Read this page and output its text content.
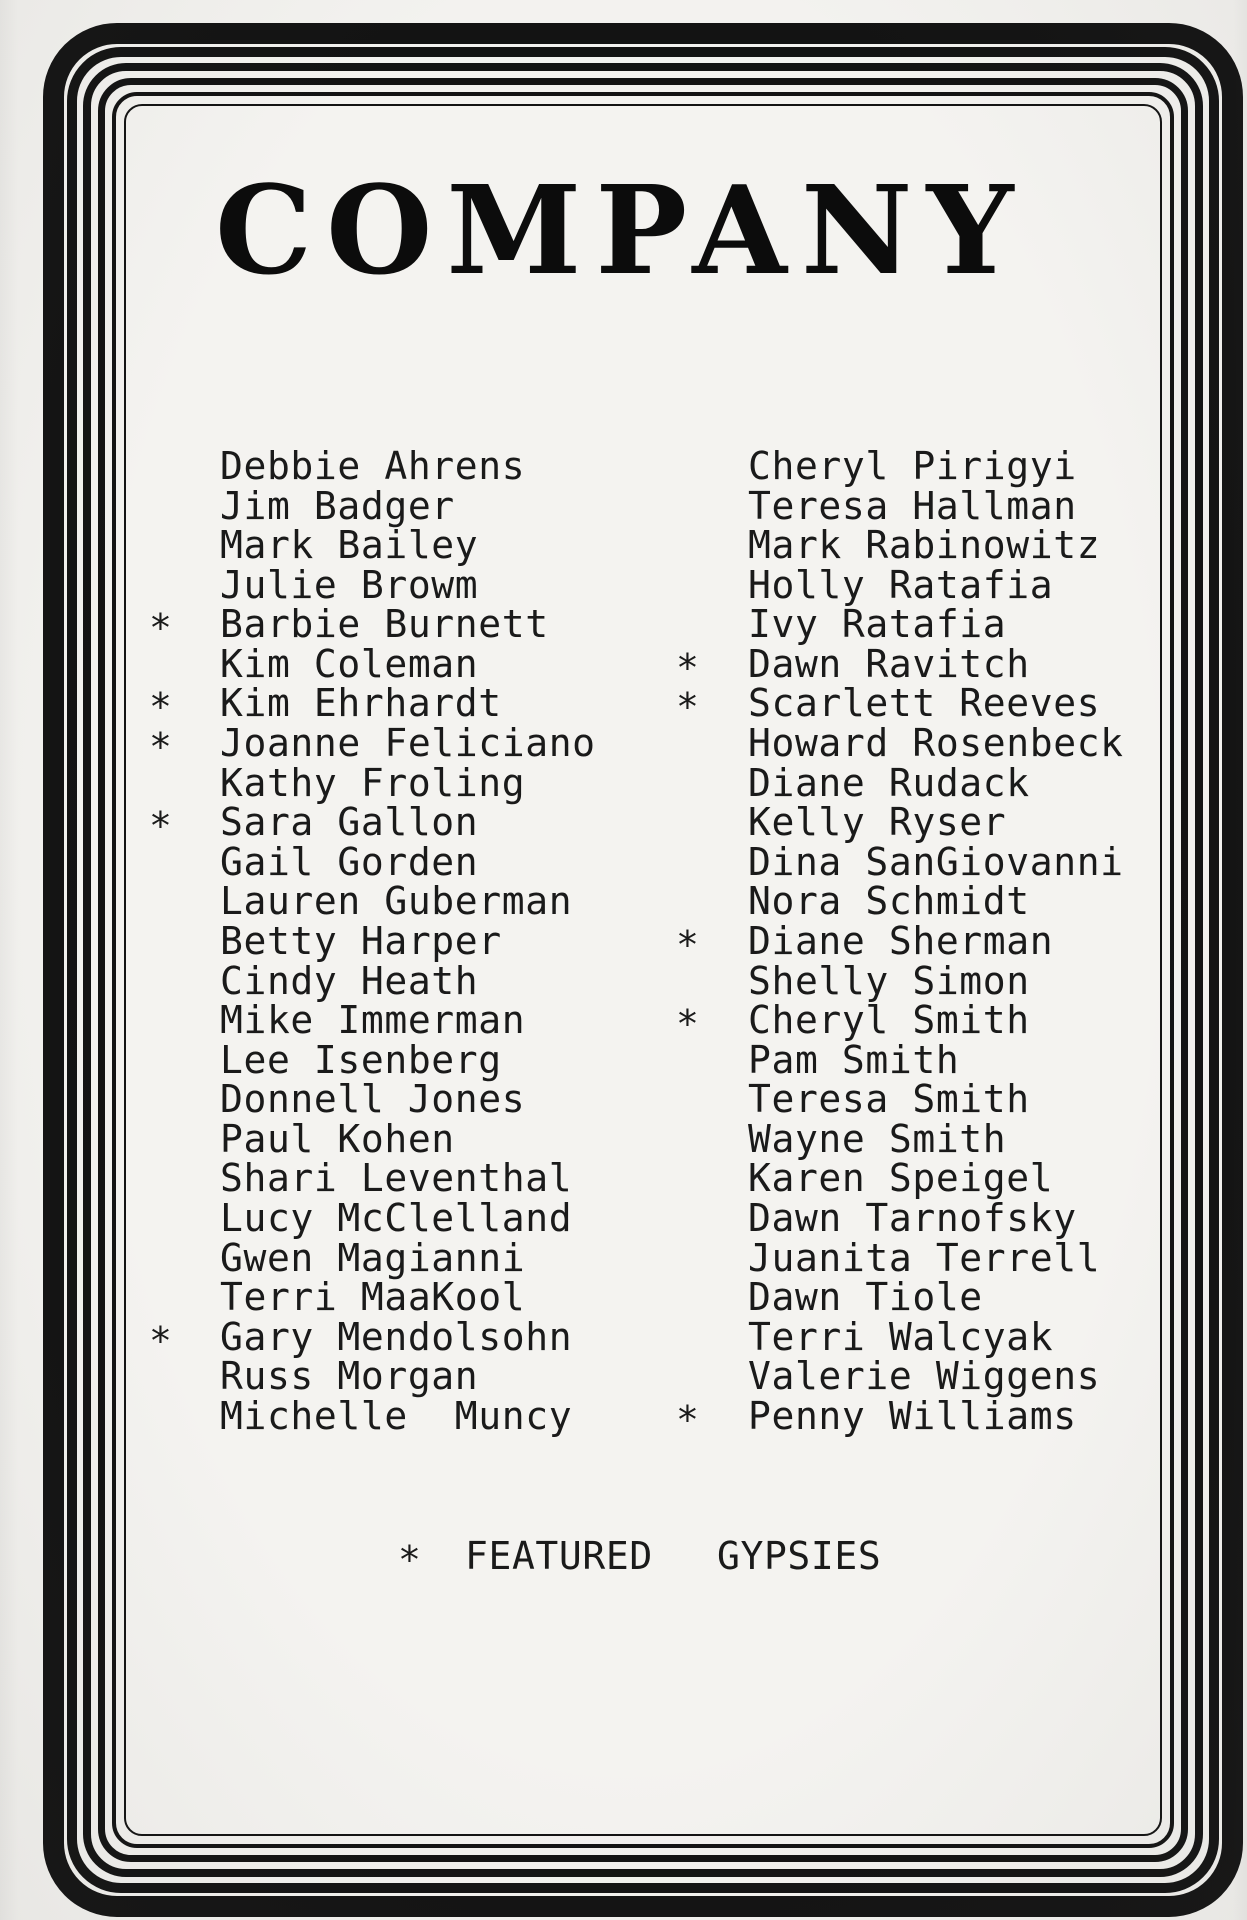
COMPANY
Debbie Ahrens	Cheryl Pirigyi
Jim Badger	Teresa Hallman
Mark Bailey	Mark Rabinowitz
Julie Browm	Holly Ratafia
* Barbie Burnett	Ivy Ratafia
Kim Coleman	* Dawn Ravitch
* Kim Ehrhardt	* Scarlett Reeves
* Joanne Feliciano	Howard Rosenbeck
Kathy Froling	Diane Rudack
* Sara Gallon	Kelly Ryser
Gail Gorden	Dina SanGiovanni
Lauren Guberman	Nora Schmidt
Betty Harper	* Diane Sherman
Cindy Heath	Shelly Simon
Mike Immerman	* Cheryl Smith
Lee Isenberg	Pam Smith
Donnell Jones	Teresa Smith
Paul Kohen	Wayne Smith
Shari Leventhal	Karen Speigel
Lucy McClelland	Dawn Tarnofsky
Gwen Magianni	Juanita Terrell
Terri MaaKool	Dawn Tiole
* Gary Mendolsohn	Terri Walcyak
Russ Morgan	Valerie Wiggens
Michelle  Muncy	* Penny Williams
* FEATURED GYPSIES
